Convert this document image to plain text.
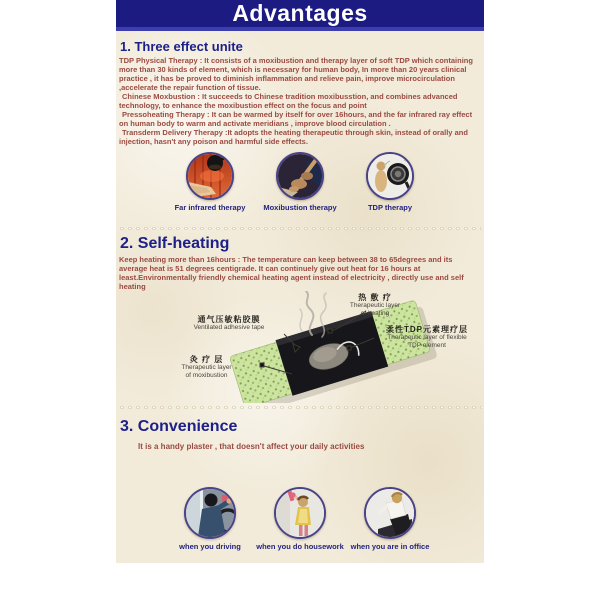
Advantages
1. Three effect unite
TDP Physical Therapy : It consists of a moxibustion and therapy layer of soft TDP which containing more than 30 kinds of element, which is necessary for human body, In more than 20 years clinical practice , it has be proved to diminish inflammation and relieve pain, improve microcirculation ,accelerate the repair function of tissue.
Chinese Moxbustion : It succeeds to Chinese tradition moxibusstion, and combines advanced technology, to enhance the moxibustion effect on the focus and point
Pressoheating Therapy : It can be warmed by itself for over 16hours, and the far infrared ray effect on human body to warm and activate meridians , improve blood circulation .
Transderm Delivery Therapy :It adopts the heating therapeutic through skin, instead of orally and injection, hasn't any poison and harmful side effects.
Far infrared therapy Moxibustion therapy	TDP therapy
2. Self-heating
Keep heating more than 16hours : The temperature can keep between 38 to 65degrees and its average heat is 51 degrees centigrade. It can continuely give out heat for 16 hours at least.Environmentally friendly chemical heating agent instead of electricity , directly use and self heating
热 敷 疗
Therapeutic layer
of heating
通气压敏粘胶膜
Ventilated adhesive tape	柔性TDP元素理疗层
Therapeutic layer of flexible
TDP element
灸 疗 层
Therapeutic layer
of moxibustion
3. Convenience
It is a handy plaster , that doesn't affect your daily activities
when you driving when you do housework when you are in office
